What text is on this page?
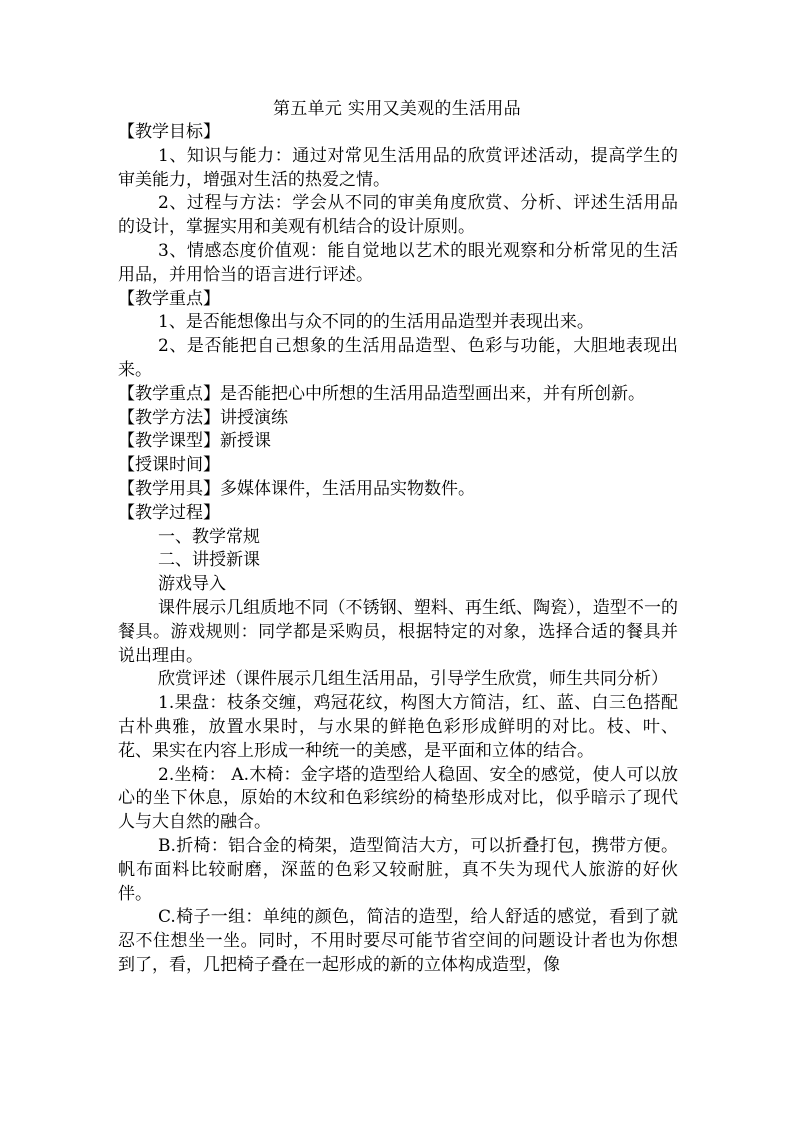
第五单元 实用又美观的生活用品

【教学目标】

1、知识与能力：通过对常见生活用品的欣赏评述活动，提高学生的审美能力，增强对生活的热爱之情。

2、过程与方法：学会从不同的审美角度欣赏、分析、评述生活用品的设计，掌握实用和美观有机结合的设计原则。

3、情感态度价值观：能自觉地以艺术的眼光观察和分析常见的生活用品，并用恰当的语言进行评述。

【教学重点】

1、是否能想像出与众不同的的生活用品造型并表现出来。

2、是否能把自己想象的生活用品造型、色彩与功能，大胆地表现出来。

【教学重点】是否能把心中所想的生活用品造型画出来，并有所创新。

【教学方法】讲授演练

【教学课型】新授课

【授课时间】

【教学用具】多媒体课件，生活用品实物数件。

【教学过程】

一、教学常规

二、讲授新课

游戏导入

课件展示几组质地不同（不锈钢、塑料、再生纸、陶瓷），造型不一的餐具。游戏规则：同学都是采购员，根据特定的对象，选择合适的餐具并说出理由。

欣赏评述（课件展示几组生活用品，引导学生欣赏，师生共同分析）

1.果盘：枝条交缠，鸡冠花纹，构图大方简洁，红、蓝、白三色搭配古朴典雅，放置水果时，与水果的鲜艳色彩形成鲜明的对比。枝、叶、花、果实在内容上形成一种统一的美感，是平面和立体的结合。

2.坐椅： A.木椅：金字塔的造型给人稳固、安全的感觉，使人可以放心的坐下休息，原始的木纹和色彩缤纷的椅垫形成对比，似乎暗示了现代人与大自然的融合。

B.折椅：铝合金的椅架，造型简洁大方，可以折叠打包，携带方便。帆布面料比较耐磨，深蓝的色彩又较耐脏，真不失为现代人旅游的好伙伴。

C.椅子一组：单纯的颜色，简洁的造型，给人舒适的感觉，看到了就忍不住想坐一坐。同时，不用时要尽可能节省空间的问题设计者也为你想到了，看，几把椅子叠在一起形成的新的立体构成造型，像
